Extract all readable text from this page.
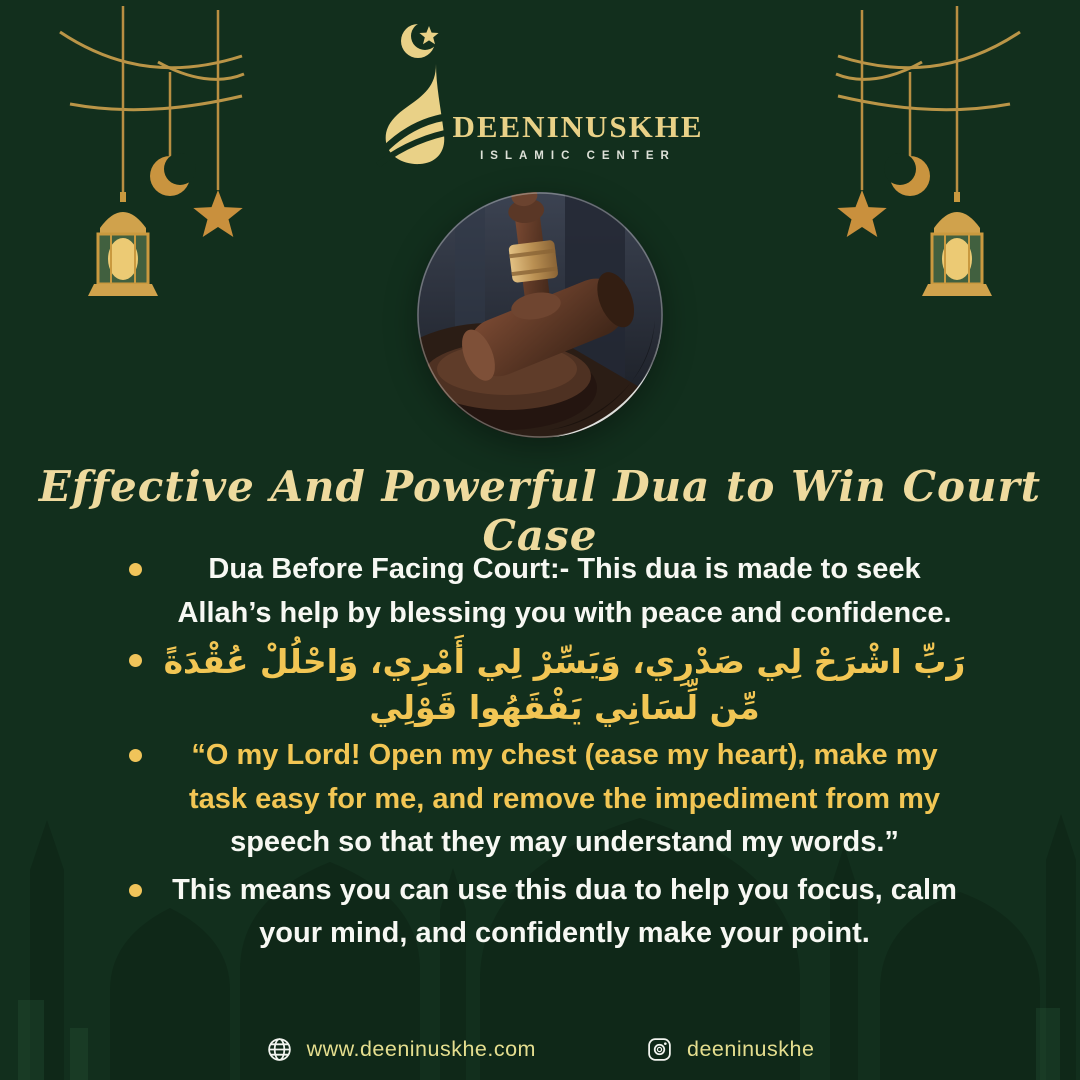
DEENINUSKHE
ISLAMIC CENTER
Effective And Powerful Dua to Win Court Case

Dua Before Facing Court:- This dua is made to seek Allah’s help by blessing you with peace and confidence.

رَبِّ اشْرَحْ لِي صَدْرِي، وَيَسِّرْ لِي أَمْرِي، وَاحْلُلْ عُقْدَةً مِّن لِّسَانِي يَفْقَهُوا قَوْلِي

“O my Lord! Open my chest (ease my heart), make my task easy for me, and remove the impediment from my speech so that they may understand my words.”

This means you can use this dua to help you focus, calm your mind, and confidently make your point.

www.deeninuskhe.com	deeninuskhe
